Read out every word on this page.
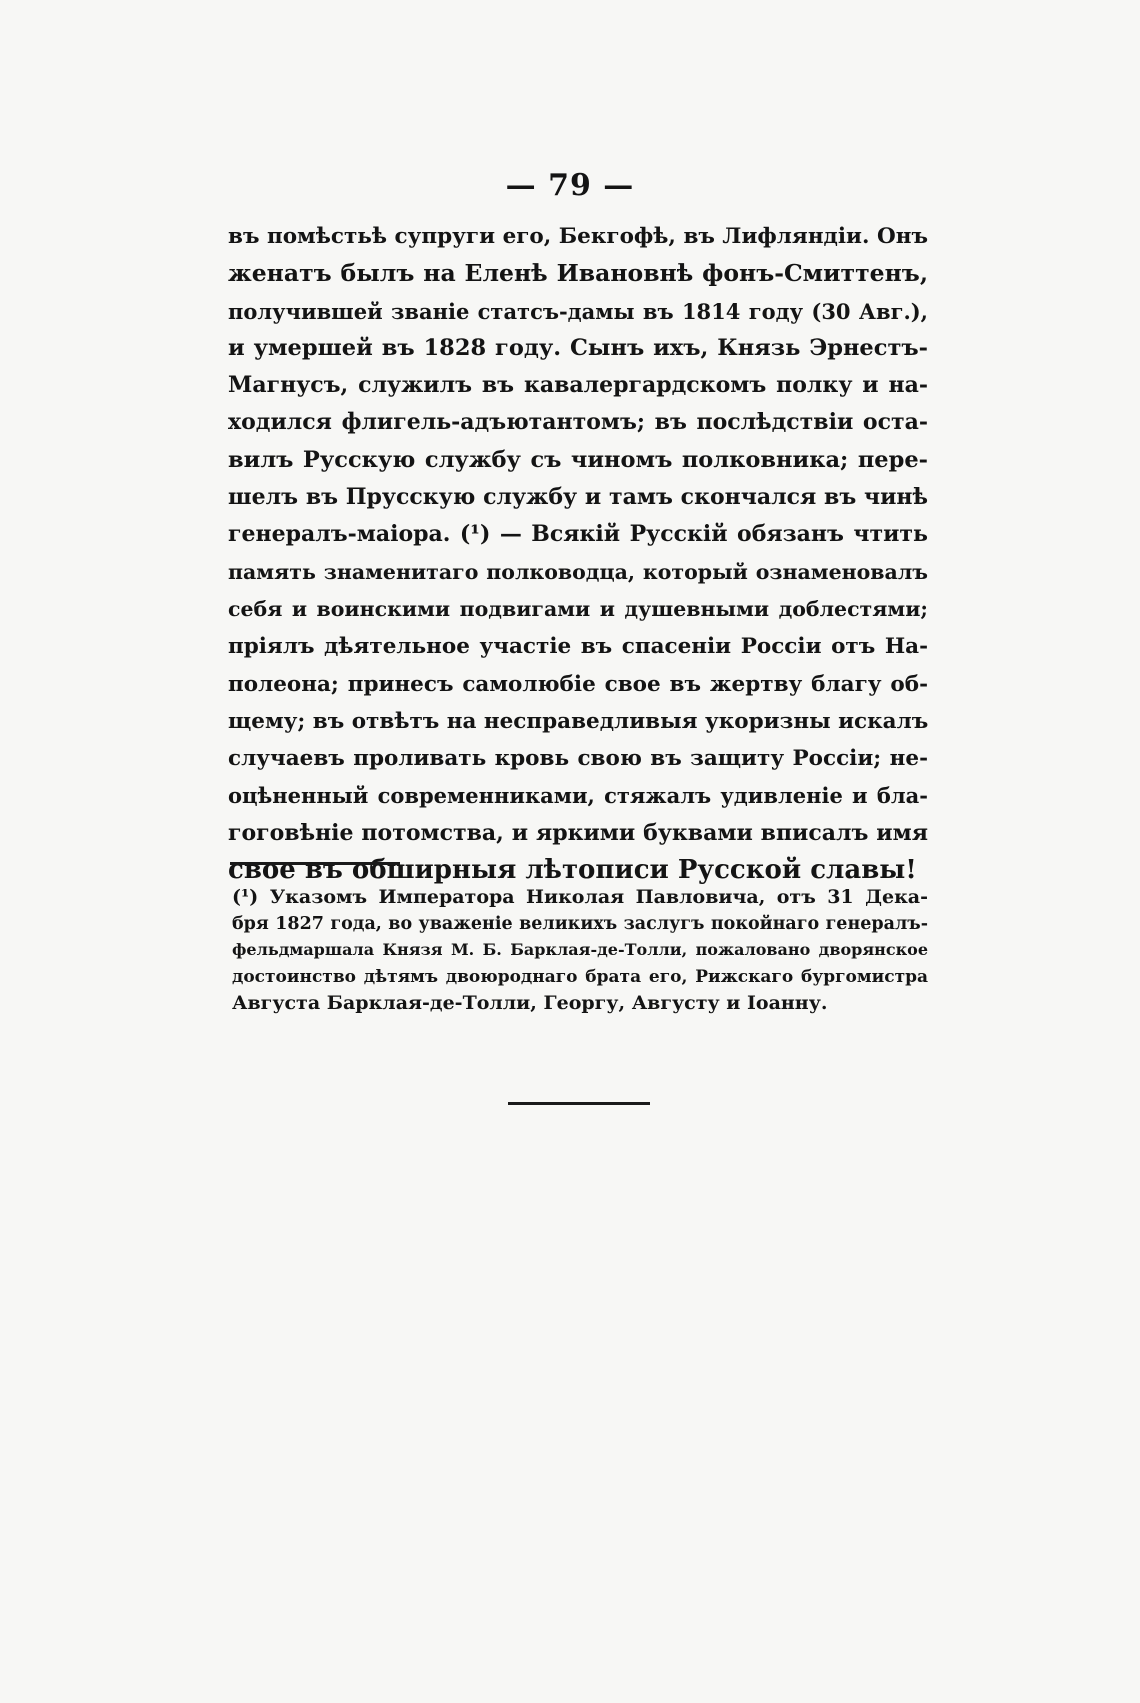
— 79 —
въ помѣстьѣ супруги его, Бекгофѣ, въ Лифляндіи. Онъ
женатъ былъ на Еленѣ Ивановнѣ фонъ-Смиттенъ,
получившей званіе статсъ-дамы въ 1814 году (30 Авг.),
и умершей въ 1828 году. Сынъ ихъ, Князь Эрнестъ-
Магнусъ, служилъ въ кавалергардскомъ полку и на-
ходился флигель-адъютантомъ; въ послѣдствіи оста-
вилъ Русскую службу съ чиномъ полковника; пере-
шелъ въ Прусскую службу и тамъ скончался въ чинѣ
генералъ-маіора. (¹) — Всякій Русскій обязанъ чтить
память знаменитаго полководца, который ознаменовалъ
себя и воинскими подвигами и душевными доблестями;
пріялъ дѣятельное участіе въ спасеніи Россіи отъ На-
полеона; принесъ самолюбіе свое въ жертву благу об-
щему; въ отвѣтъ на несправедливыя укоризны искалъ
случаевъ проливать кровь свою въ защиту Россіи; не-
оцѣненный современниками, стяжалъ удивленіе и бла-
гоговѣніе потомства, и яркими буквами вписалъ имя
свое въ обширныя лѣтописи Русской славы!
(¹) Указомъ Императора Николая Павловича, отъ 31 Дека-
бря 1827 года, во уваженіе великихъ заслугъ покойнаго генералъ-
фельдмаршала Князя М. Б. Барклая-де-Толли, пожаловано дворянское
достоинство дѣтямъ двоюроднаго брата его, Рижскаго бургомистра
Августа Барклая-де-Толли, Георгу, Августу и Іоанну.
